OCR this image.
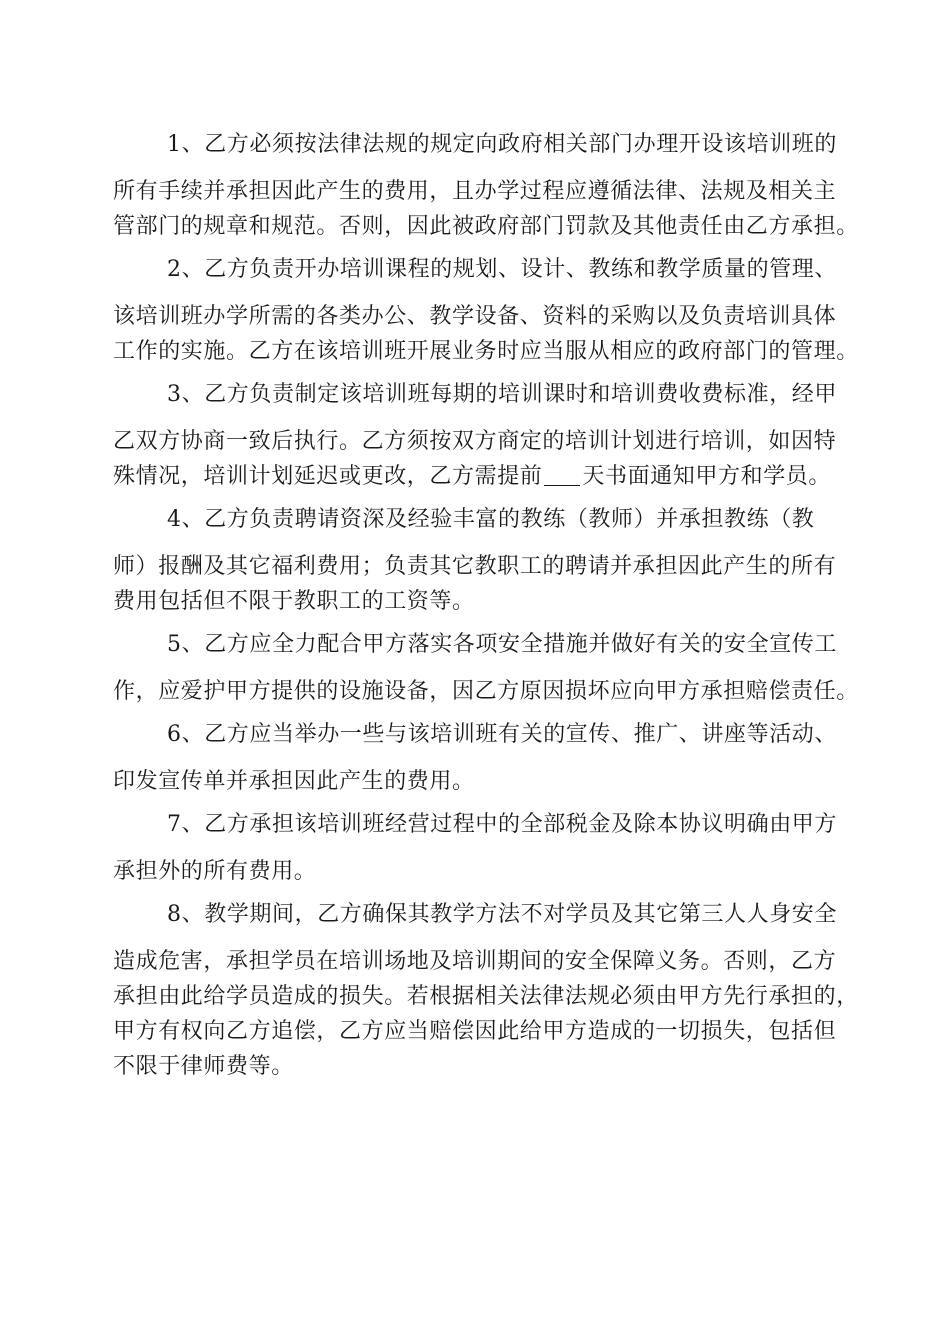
1、乙方必须按法律法规的规定向政府相关部门办理开设该培训班的
所有手续并承担因此产生的费用，且办学过程应遵循法律、法规及相关主
管部门的规章和规范。否则，因此被政府部门罚款及其他责任由乙方承担。
2、乙方负责开办培训课程的规划、设计、教练和教学质量的管理、
该培训班办学所需的各类办公、教学设备、资料的采购以及负责培训具体
工作的实施。乙方在该培训班开展业务时应当服从相应的政府部门的管理。
3、乙方负责制定该培训班每期的培训课时和培训费收费标准，经甲
乙双方协商一致后执行。乙方须按双方商定的培训计划进行培训，如因特
殊情况，培训计划延迟或更改，乙方需提前 天书面通知甲方和学员。
4、乙方负责聘请资深及经验丰富的教练（教师）并承担教练（教
师）报酬及其它福利费用；负责其它教职工的聘请并承担因此产生的所有
费用包括但不限于教职工的工资等。
5、乙方应全力配合甲方落实各项安全措施并做好有关的安全宣传工
作，应爱护甲方提供的设施设备，因乙方原因损坏应向甲方承担赔偿责任。
6、乙方应当举办一些与该培训班有关的宣传、推广、讲座等活动、
印发宣传单并承担因此产生的费用。
7、乙方承担该培训班经营过程中的全部税金及除本协议明确由甲方
承担外的所有费用。
8、教学期间，乙方确保其教学方法不对学员及其它第三人人身安全
造成危害，承担学员在培训场地及培训期间的安全保障义务。否则，乙方
承担由此给学员造成的损失。若根据相关法律法规必须由甲方先行承担的，
甲方有权向乙方追偿，乙方应当赔偿因此给甲方造成的一切损失，包括但
不限于律师费等。
